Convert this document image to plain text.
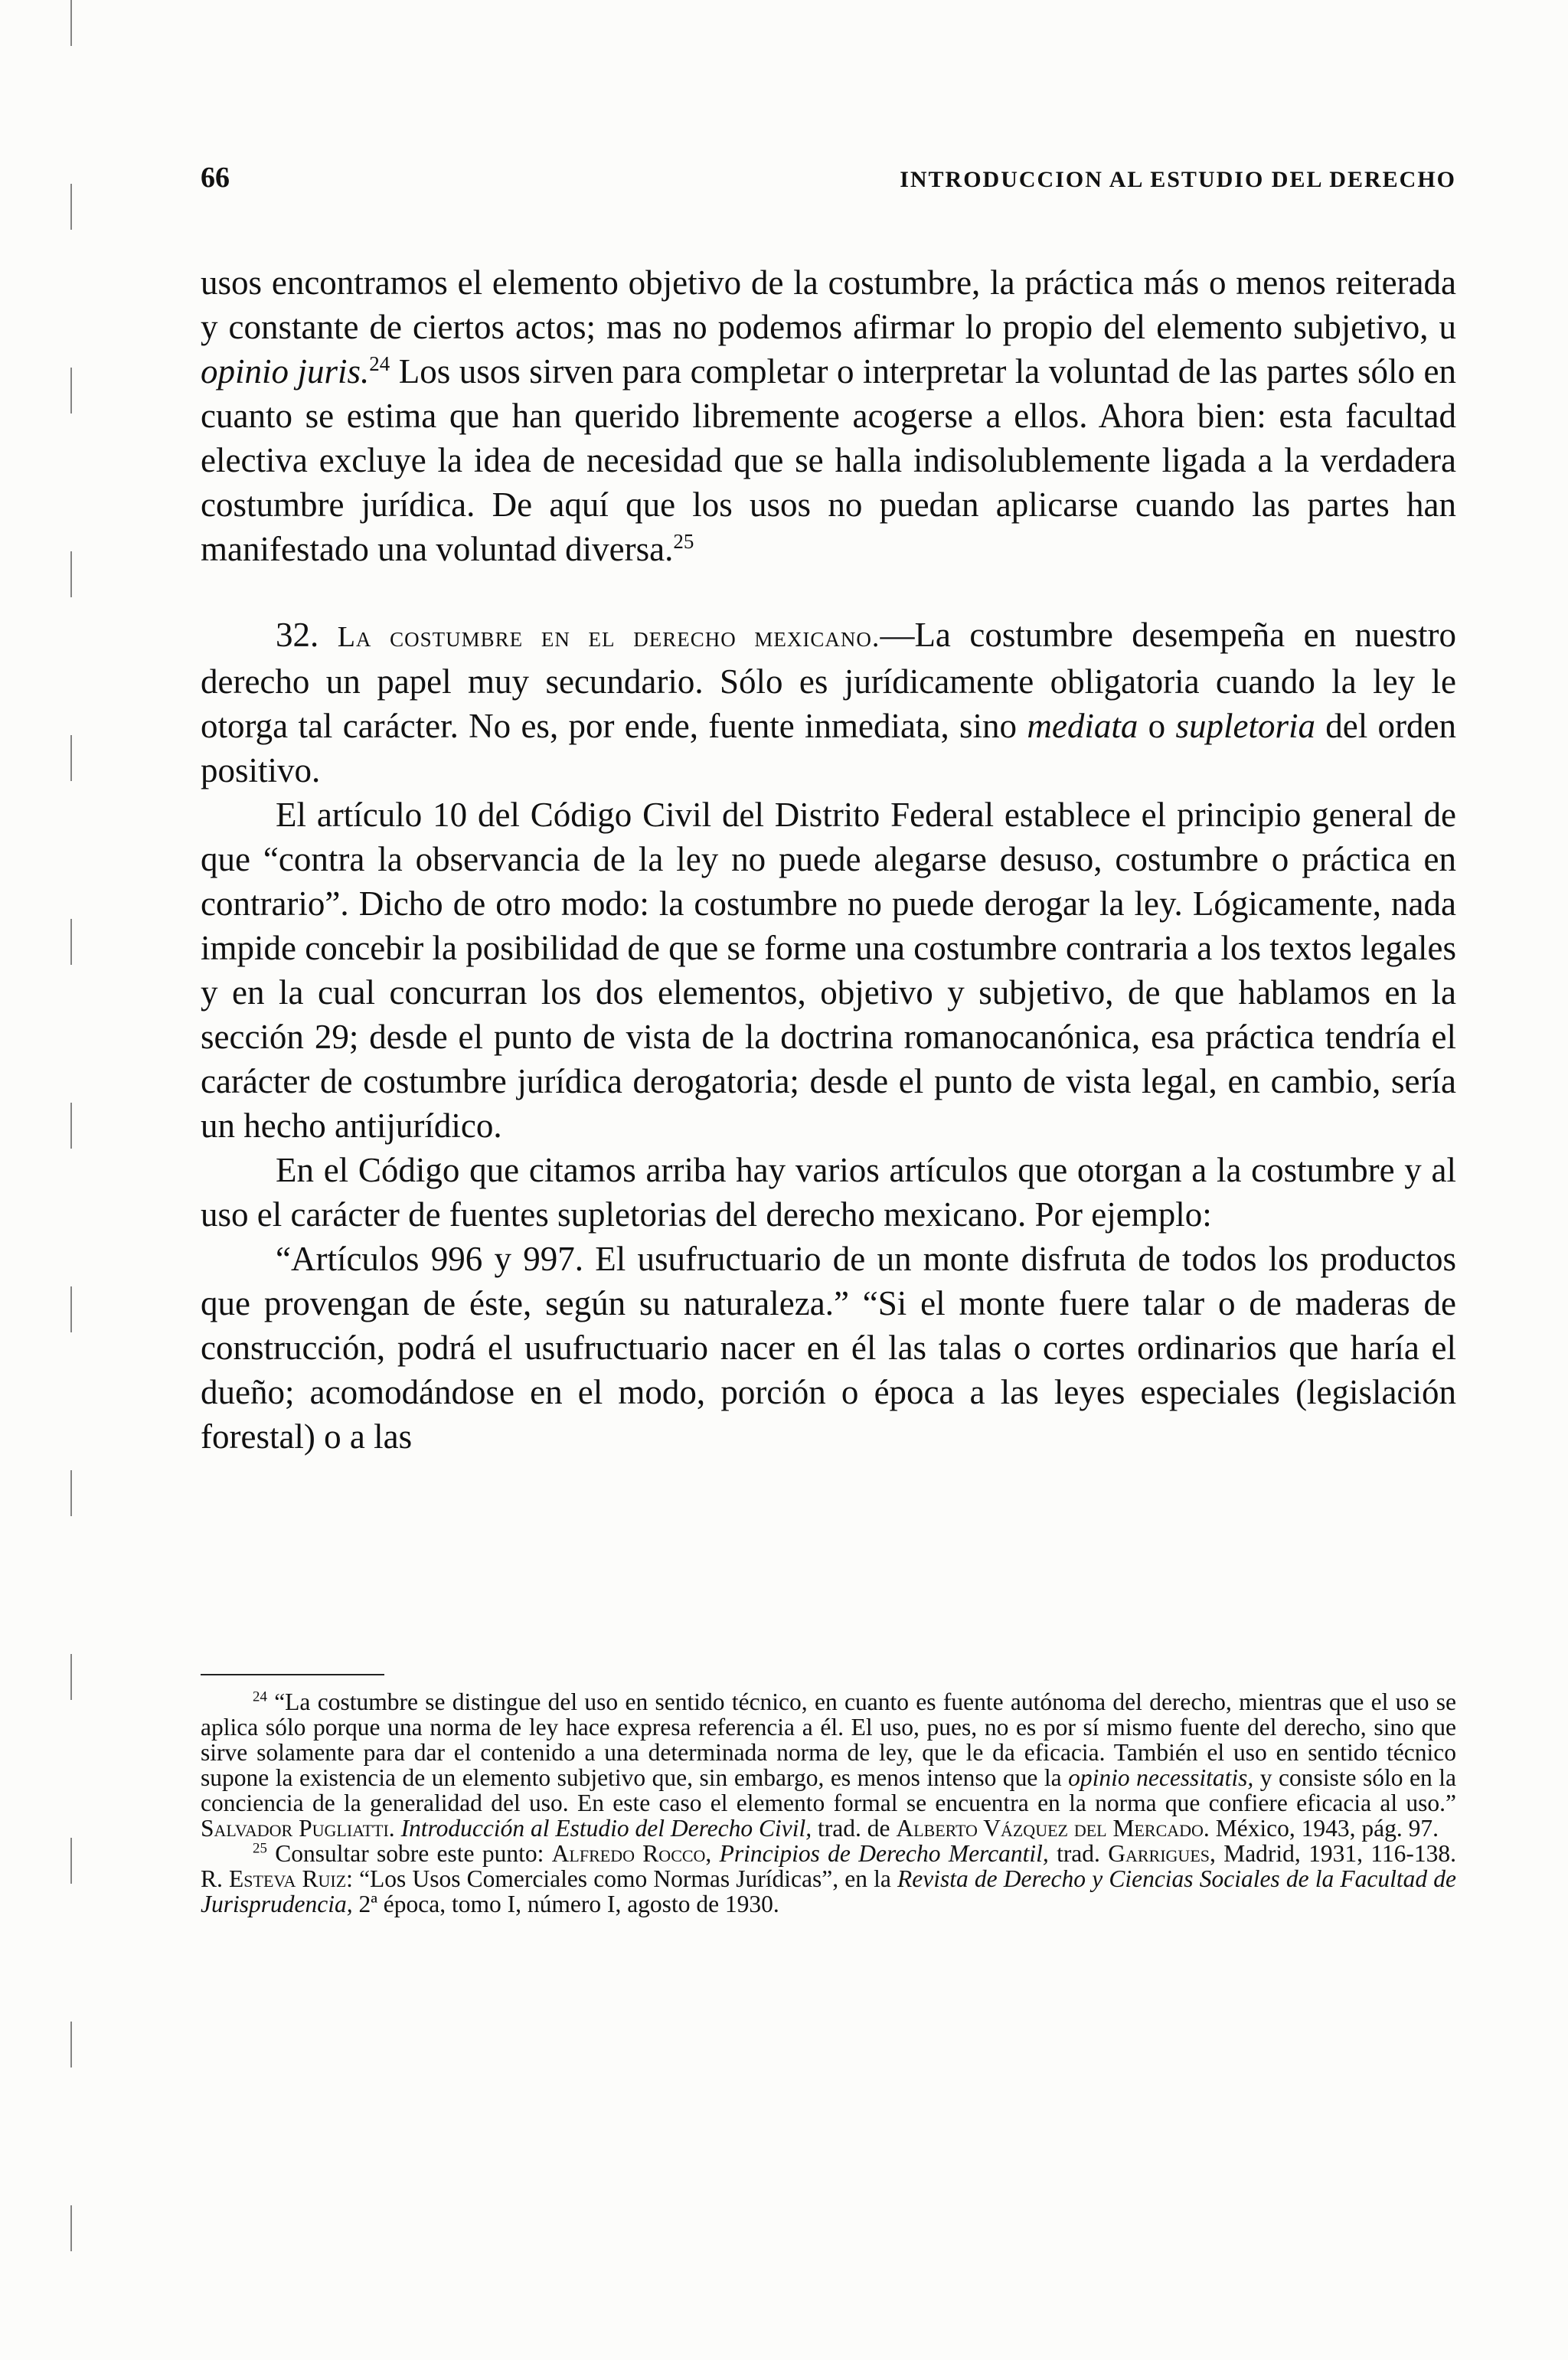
66	INTRODUCCION AL ESTUDIO DEL DERECHO

usos encontramos el elemento objetivo de la costumbre, la práctica más o menos reiterada y constante de ciertos actos; mas no podemos afirmar lo propio del elemento subjetivo, u opinio juris.$^{24}$ Los usos sirven para completar o interpretar la voluntad de las partes sólo en cuanto se estima que han querido libremente acogerse a ellos. Ahora bien: esta facultad electiva excluye la idea de necesidad que se halla indisolublemente ligada a la verdadera costumbre jurídica. De aquí que los usos no puedan aplicarse cuando las partes han manifestado una voluntad diversa.$^{25}$

32. La costumbre en el derecho mexicano.—La costumbre desempeña en nuestro derecho un papel muy secundario. Sólo es jurídicamente obligatoria cuando la ley le otorga tal carácter. No es, por ende, fuente inmediata, sino mediata o supletoria del orden positivo.

El artículo 10 del Código Civil del Distrito Federal establece el principio general de que “contra la observancia de la ley no puede alegarse desuso, costumbre o práctica en contrario”. Dicho de otro modo: la costumbre no puede derogar la ley. Lógicamente, nada impide concebir la posibilidad de que se forme una costumbre contraria a los textos legales y en la cual concurran los dos elementos, objetivo y subjetivo, de que hablamos en la sección 29; desde el punto de vista de la doctrina romanocanónica, esa práctica tendría el carácter de costumbre jurídica derogatoria; desde el punto de vista legal, en cambio, sería un hecho antijurídico.

En el Código que citamos arriba hay varios artículos que otorgan a la costumbre y al uso el carácter de fuentes supletorias del derecho mexicano. Por ejemplo:

“Artículos 996 y 997. El usufructuario de un monte disfruta de todos los productos que provengan de éste, según su naturaleza.” “Si el monte fuere talar o de maderas de construcción, podrá el usufructuario nacer en él las talas o cortes ordinarios que haría el dueño; acomodándose en el modo, porción o época a las leyes especiales (legislación forestal) o a las

$^{24}$ “La costumbre se distingue del uso en sentido técnico, en cuanto es fuente autónoma del derecho, mientras que el uso se aplica sólo porque una norma de ley hace expresa referencia a él. El uso, pues, no es por sí mismo fuente del derecho, sino que sirve solamente para dar el contenido a una determinada norma de ley, que le da eficacia. También el uso en sentido técnico supone la existencia de un elemento subjetivo que, sin embargo, es menos intenso que la opinio necessitatis, y consiste sólo en la conciencia de la generalidad del uso. En este caso el elemento formal se encuentra en la norma que confiere eficacia al uso.” Salvador Pugliatti. Introducción al Estudio del Derecho Civil, trad. de Alberto Vázquez del Mercado. México, 1943, pág. 97.

$^{25}$ Consultar sobre este punto: Alfredo Rocco, Principios de Derecho Mercantil, trad. Garrigues, Madrid, 1931, 116-138. R. Esteva Ruiz: “Los Usos Comerciales como Normas Jurídicas”, en la Revista de Derecho y Ciencias Sociales de la Facultad de Jurisprudencia, 2ª época, tomo I, número I, agosto de 1930.
